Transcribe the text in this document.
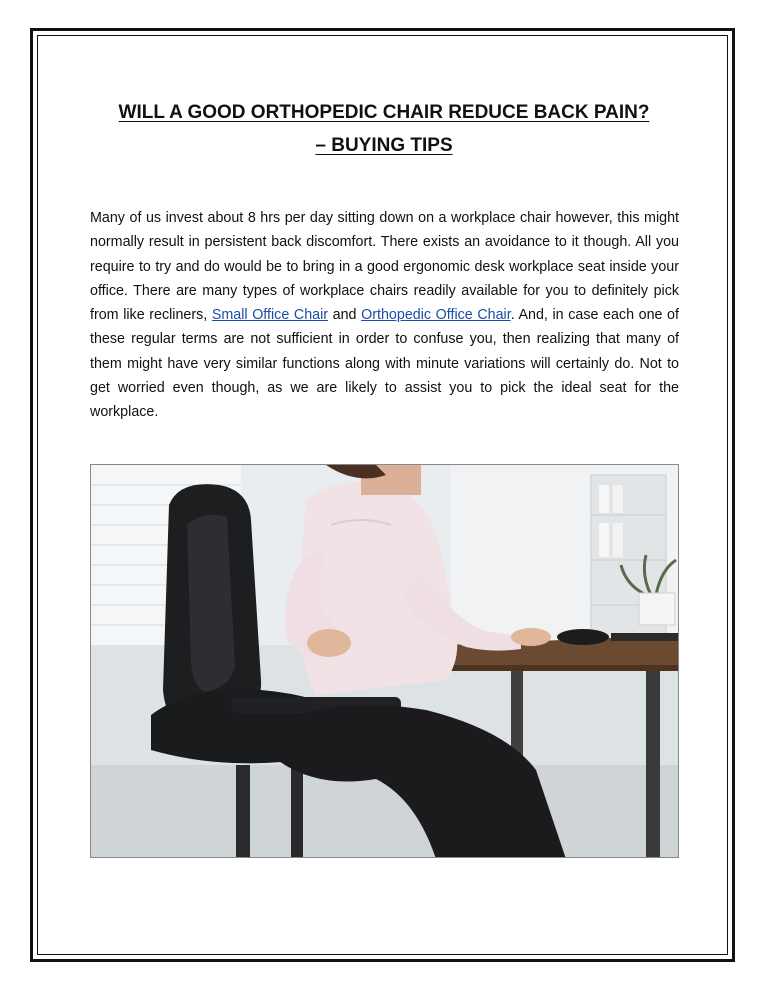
WILL A GOOD ORTHOPEDIC CHAIR REDUCE BACK PAIN?
– BUYING TIPS

Many of us invest about 8 hrs per day sitting down on a workplace chair however, this might normally result in persistent back discomfort. There exists an avoidance to it though. All you require to try and do would be to bring in a good ergonomic desk workplace seat inside your office. There are many types of workplace chairs readily available for you to definitely pick from like recliners, Small Office Chair and Orthopedic Office Chair. And, in case each one of these regular terms are not sufficient in order to confuse you, then realizing that many of them might have very similar functions along with minute variations will certainly do. Not to get worried even though, as we are likely to assist you to pick the ideal seat for the workplace.
